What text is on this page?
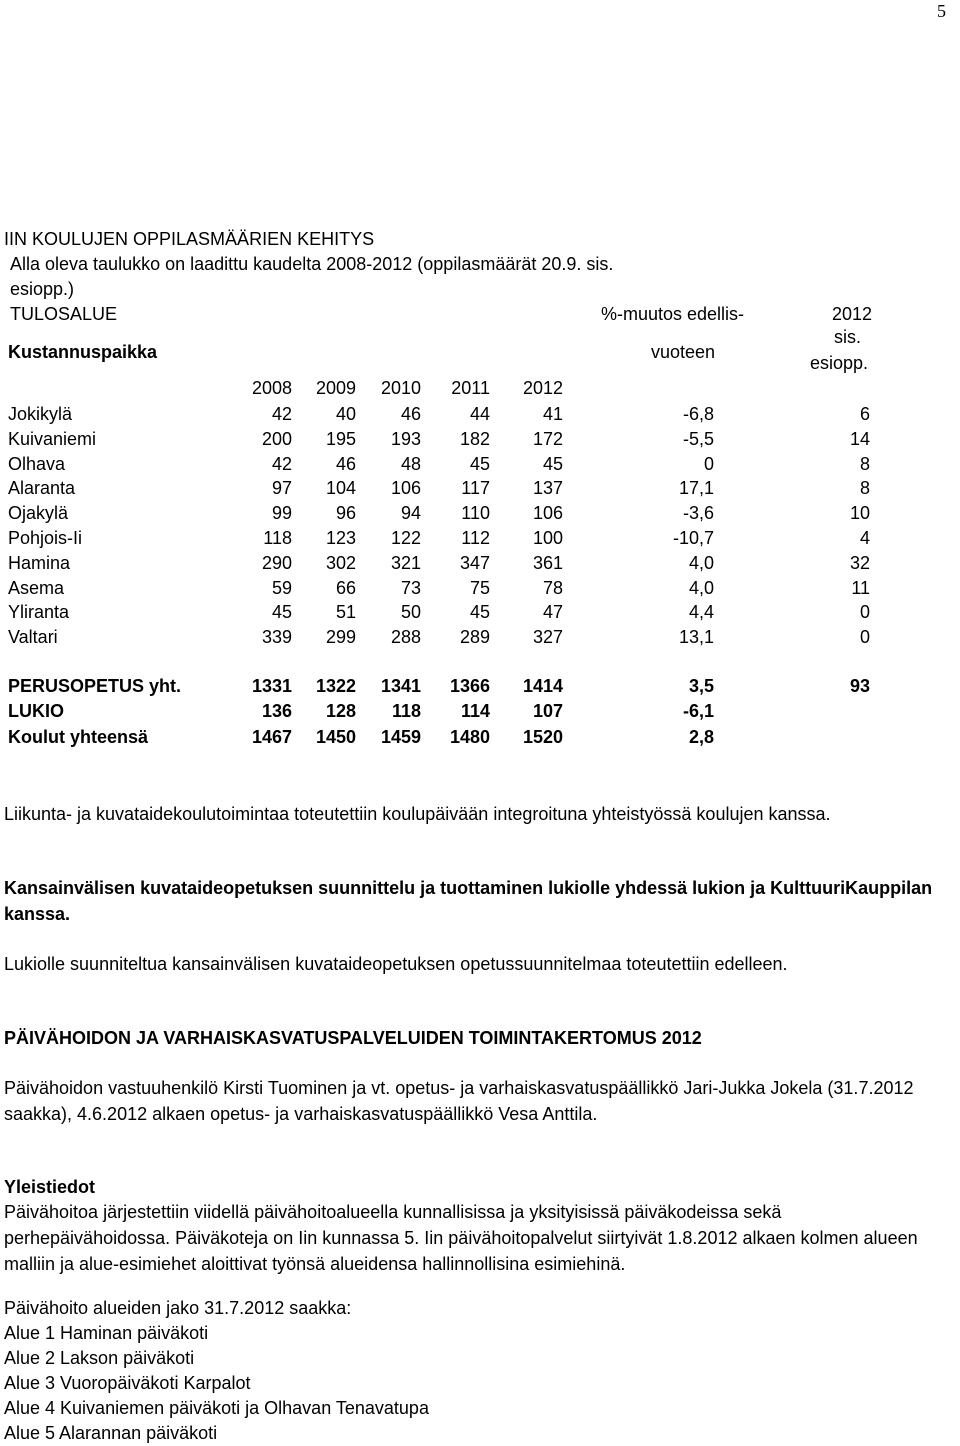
5
IIN KOULUJEN OPPILASMÄÄRIEN KEHITYS
Alla oleva taulukko on laadittu kaudelta 2008-2012 (oppilasmäärät 20.9. sis.
esiopp.)
TULOSALUE
Kustannuspaikka
%-muutos edellis-
vuoteen
2012
sis.
esiopp.
2008 2009 2010 2011 2012
Jokikylä	42 40 46	44	41	-6,8	6
Kuivaniemi	200 195 193 182 172	-5,5	14
Olhava	42 46 48	45	45	0	8
Alaranta	97 104 106 117 137	17,1	8
Ojakylä	99 96 94 110 106	-3,6	10
Pohjois-Ii	118 123 122 112 100	-10,7	4
Hamina	290 302 321 347 361	4,0	32
Asema	59 66 73	75	78	4,0	11
Yliranta	45 51 50	45	47	4,4	0
Valtari	339 299 288 289 327	13,1	0
PERUSOPETUS yht.	1331 1322 1341 1366 1414	3,5	93
LUKIO	136 128 118 114 107	-6,1
Koulut yhteensä	1467 1450 1459 1480 1520	2,8

Liikunta- ja kuvataidekoulutoimintaa toteutettiin koulupäivään integroituna yhteistyössä koulujen kanssa.

Kansainvälisen kuvataideopetuksen suunnittelu ja tuottaminen lukiolle yhdessä lukion ja KulttuuriKauppilan kanssa.

Lukiolle suunniteltua kansainvälisen kuvataideopetuksen opetussuunnitelmaa toteutettiin edelleen.

PÄIVÄHOIDON JA VARHAISKASVATUSPALVELUIDEN TOIMINTAKERTOMUS 2012

Päivähoidon vastuuhenkilö Kirsti Tuominen ja vt. opetus- ja varhaiskasvatuspäällikkö Jari-Jukka Jokela (31.7.2012 saakka), 4.6.2012 alkaen opetus- ja varhaiskasvatuspäällikkö Vesa Anttila.

Yleistiedot

Päivähoitoa järjestettiin viidellä päivähoitoalueella kunnallisissa ja yksityisissä päiväkodeissa sekä perhepäivähoidossa. Päiväkoteja on Iin kunnassa 5. Iin päivähoitopalvelut siirtyivät 1.8.2012 alkaen kolmen alueen malliin ja alue-esimiehet aloittivat työnsä alueidensa hallinnollisina esimiehinä.

Päivähoito alueiden jako 31.7.2012 saakka:
Alue 1 Haminan päiväkoti
Alue 2 Lakson päiväkoti
Alue 3 Vuoropäiväkoti Karpalot
Alue 4 Kuivaniemen päiväkoti ja Olhavan Tenavatupa
Alue 5 Alarannan päiväkoti
